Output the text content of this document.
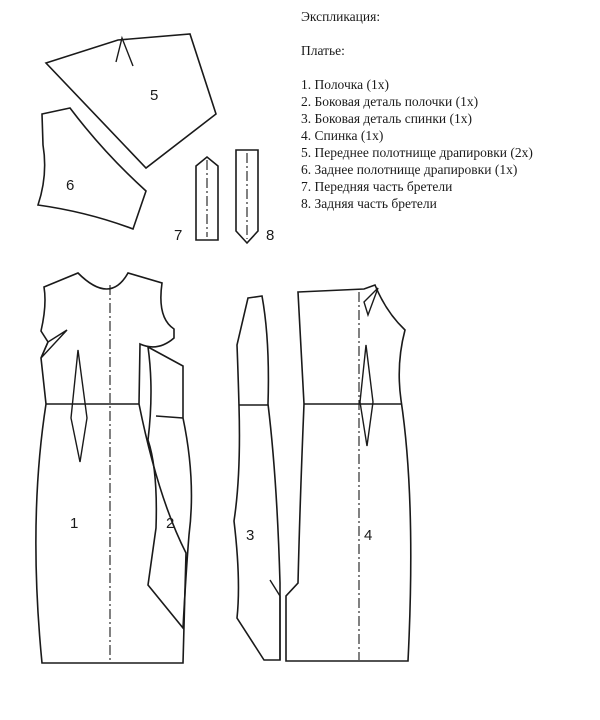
Экспликация:
Платье:
1. Полочка (1х)
2. Боковая деталь полочки (1х)
3. Боковая деталь спинки (1х)
4. Спинка (1х)
5. Переднее полотнище драпировки (2х)
6. Заднее полотнище драпировки (1х)
7. Передняя часть бретели
8. Задняя часть бретели
5
6
7	8
1	2
3	4
